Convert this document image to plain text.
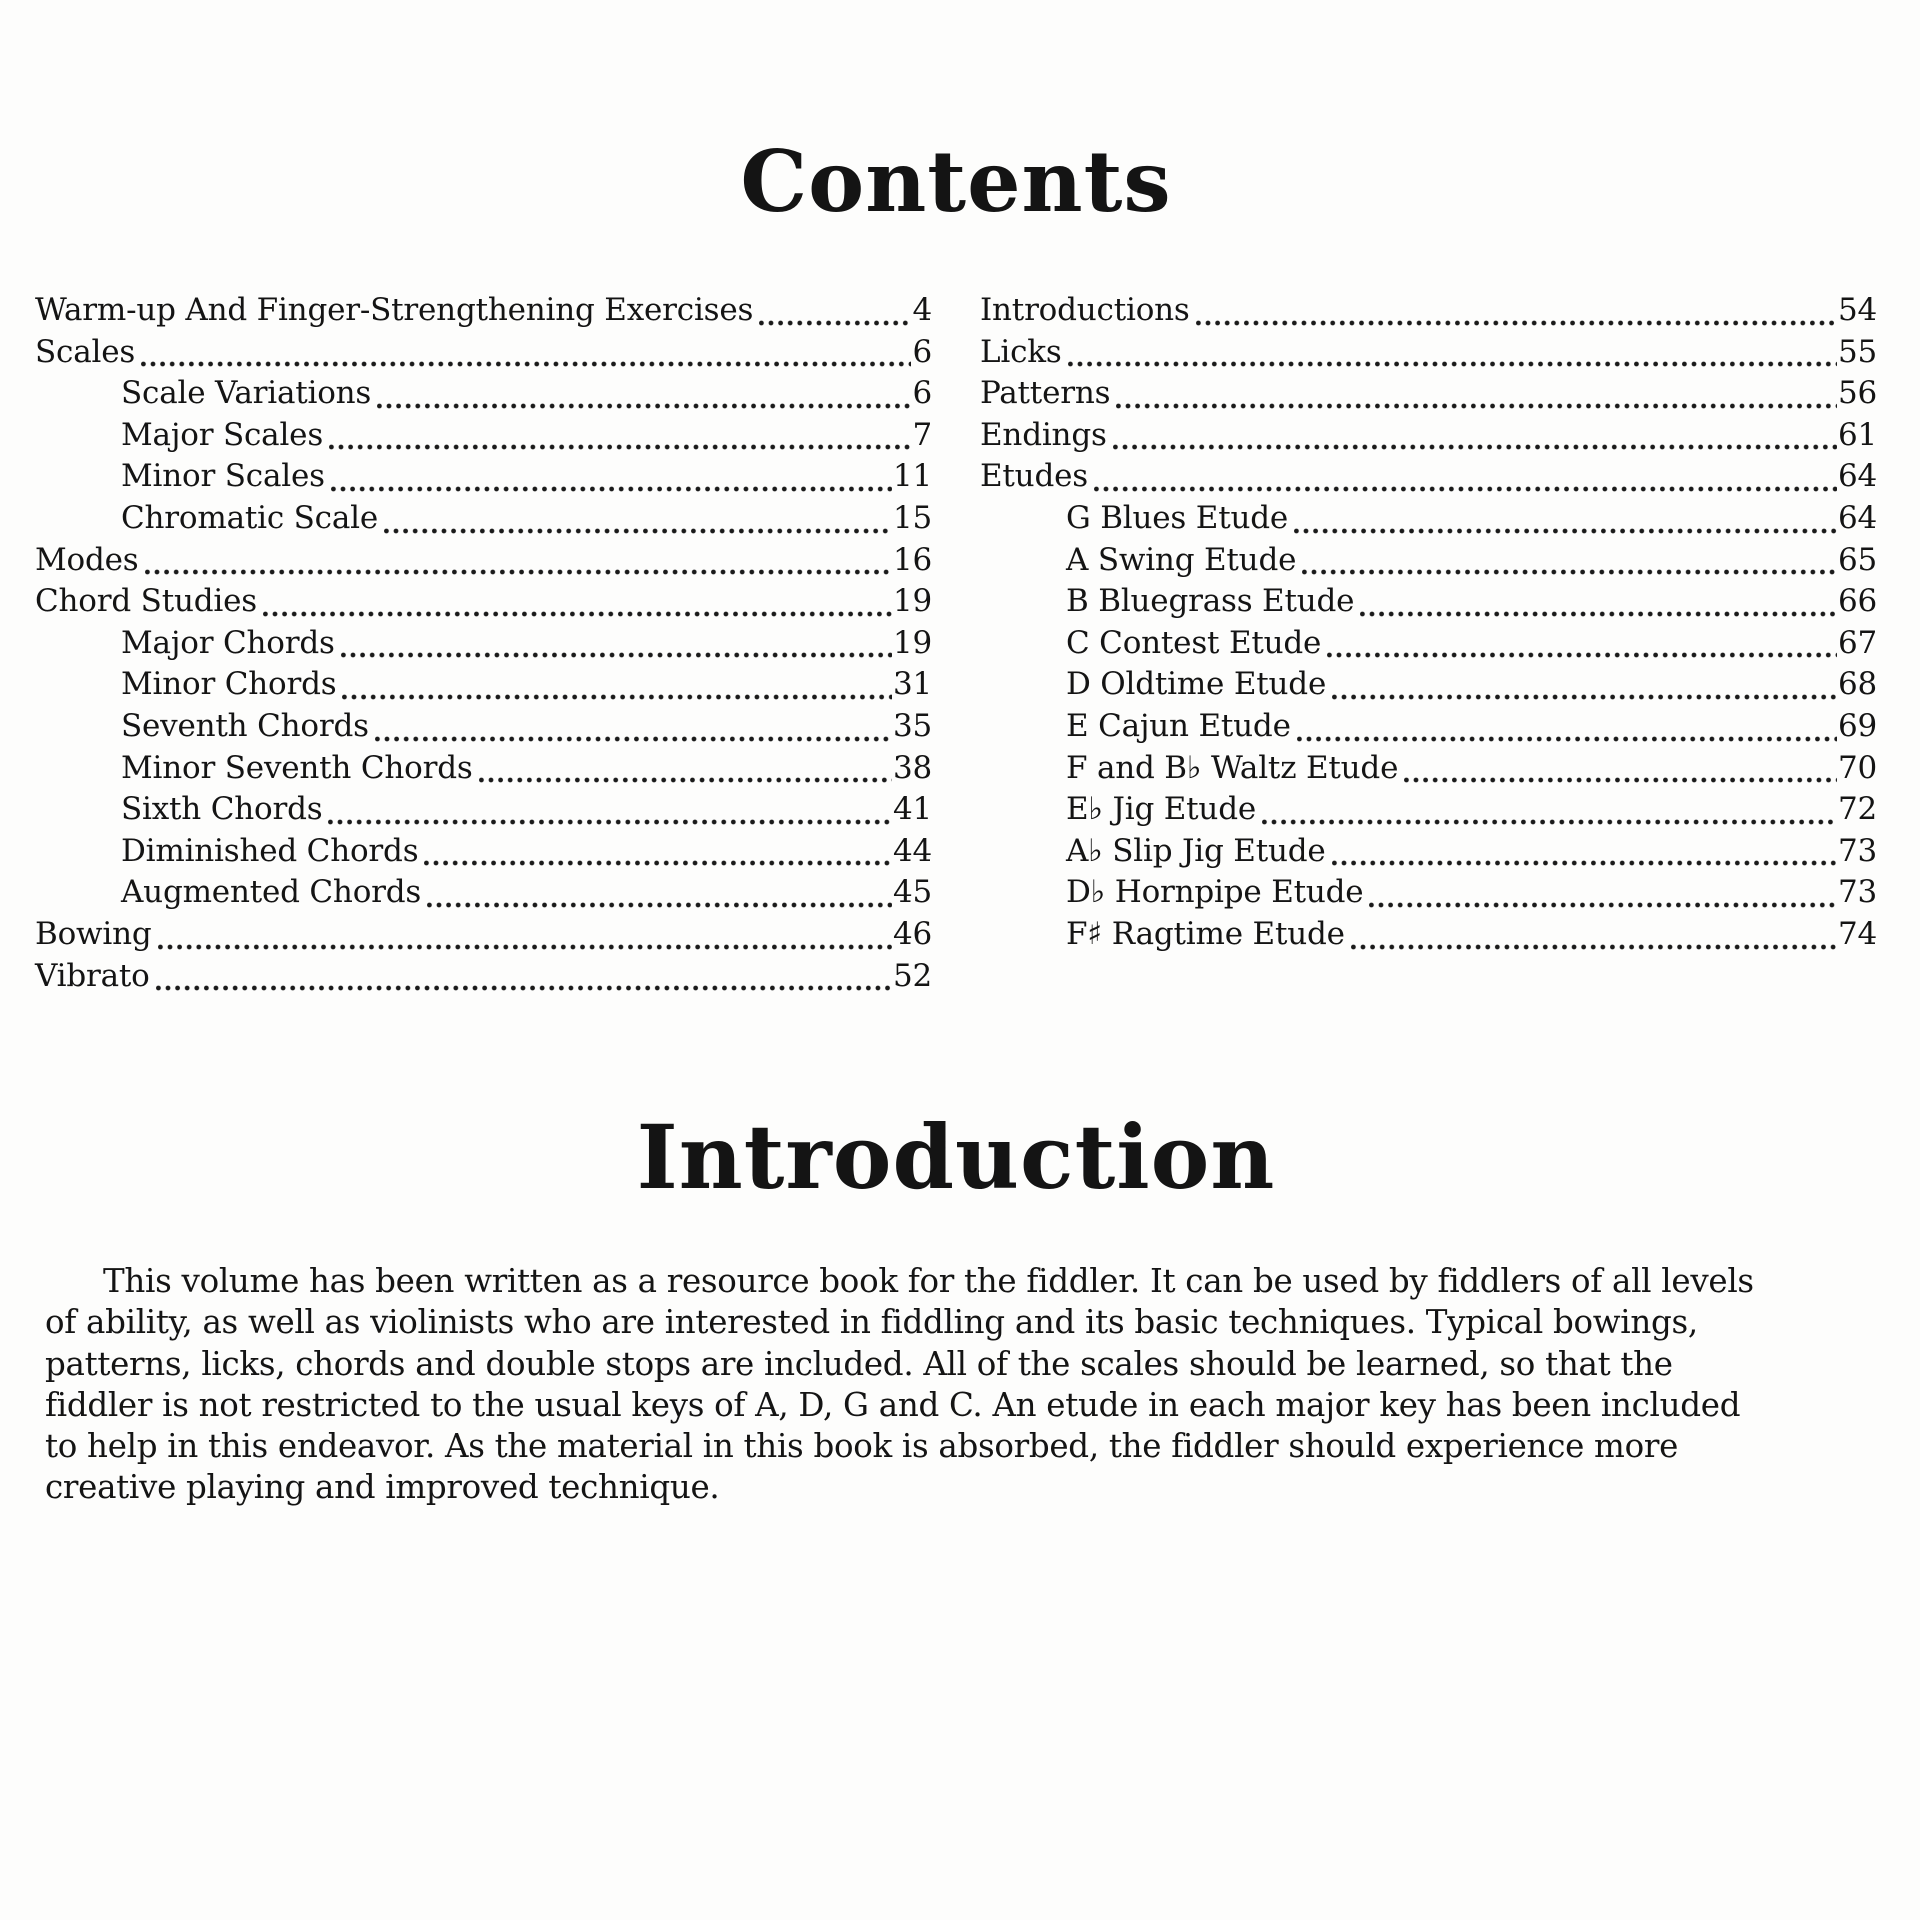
Contents
Warm-up And Finger-Strengthening Exercises	4
Scales	6
Scale Variations	6
Major Scales	7
Minor Scales	11
Chromatic Scale	15
Modes	16
Chord Studies	19
Major Chords	19
Minor Chords	31
Seventh Chords	35
Minor Seventh Chords	38
Sixth Chords	41
Diminished Chords	44
Augmented Chords	45
Bowing	46
Vibrato	52
Introductions	54
Licks	55
Patterns	56
Endings	61
Etudes	64
G Blues Etude	64
A Swing Etude	65
B Bluegrass Etude	66
C Contest Etude	67
D Oldtime Etude	68
E Cajun Etude	69
F and B♭ Waltz Etude	70
E♭ Jig Etude	72
A♭ Slip Jig Etude	73
D♭ Hornpipe Etude	73
F♯ Ragtime Etude	74
Introduction
This volume has been written as a resource book for the fiddler. It can be used by fiddlers of all levels
of ability, as well as violinists who are interested in fiddling and its basic techniques. Typical bowings,
patterns, licks, chords and double stops are included. All of the scales should be learned, so that the
fiddler is not restricted to the usual keys of A, D, G and C. An etude in each major key has been included
to help in this endeavor. As the material in this book is absorbed, the fiddler should experience more
creative playing and improved technique.
